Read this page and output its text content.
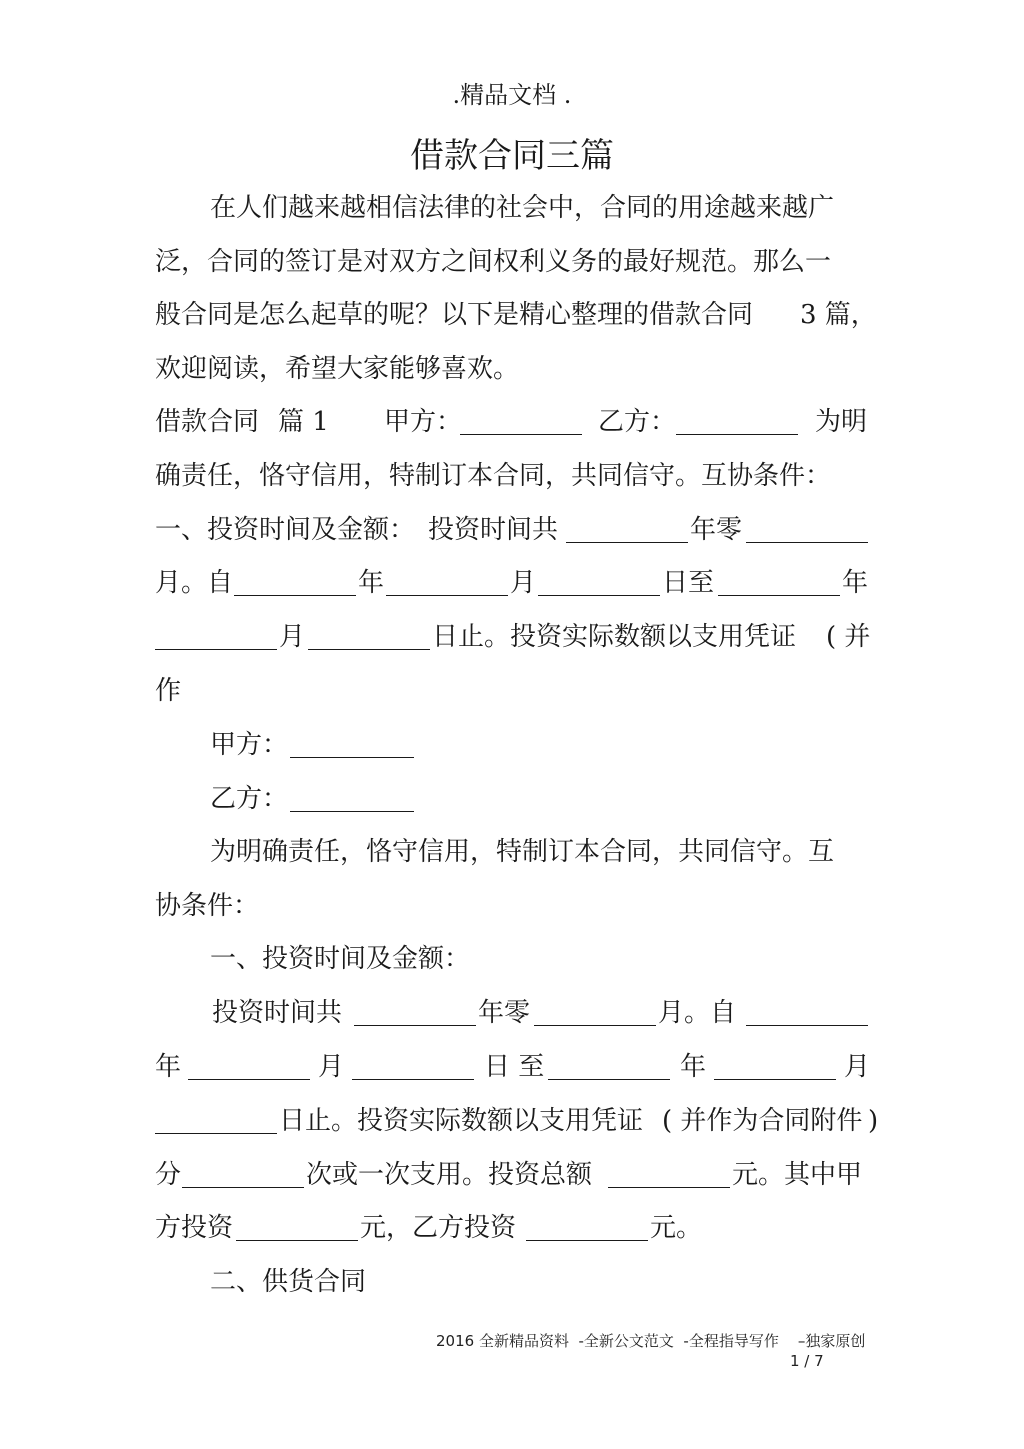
.精品文档 .
借款合同三篇
在人们越来越相信法律的社会中，合同的用途越来越广
泛，合同的签订是对双方之间权利义务的最好规范。那么一
般合同是怎么起草的呢？以下是精心整理的借款合同 3 篇，
欢迎阅读，希望大家能够喜欢。
借款合同 篇 1 甲方：	乙方：	为明
确责任，恪守信用，特制订本合同，共同信守。互协条件：
一、投资时间及金额： 投资时间共	年零
月。自	年	月	日至	年
月	日止。投资实际数额以支用凭证 ( 并
作
甲方：
乙方：
为明确责任，恪守信用，特制订本合同，共同信守。互
协条件：
一、投资时间及金额：
投资时间共	年零	月。自
年	月	日 至	年	月
日止。投资实际数额以支用凭证 ( 并作为合同附件 )
分	次或一次支用。投资总额	元。其中甲
方投资	元，乙方投资	元。
二、供货合同
2016 全新精品资料  -全新公文范文  -全程指导写作    –独家原创
1 / 7
